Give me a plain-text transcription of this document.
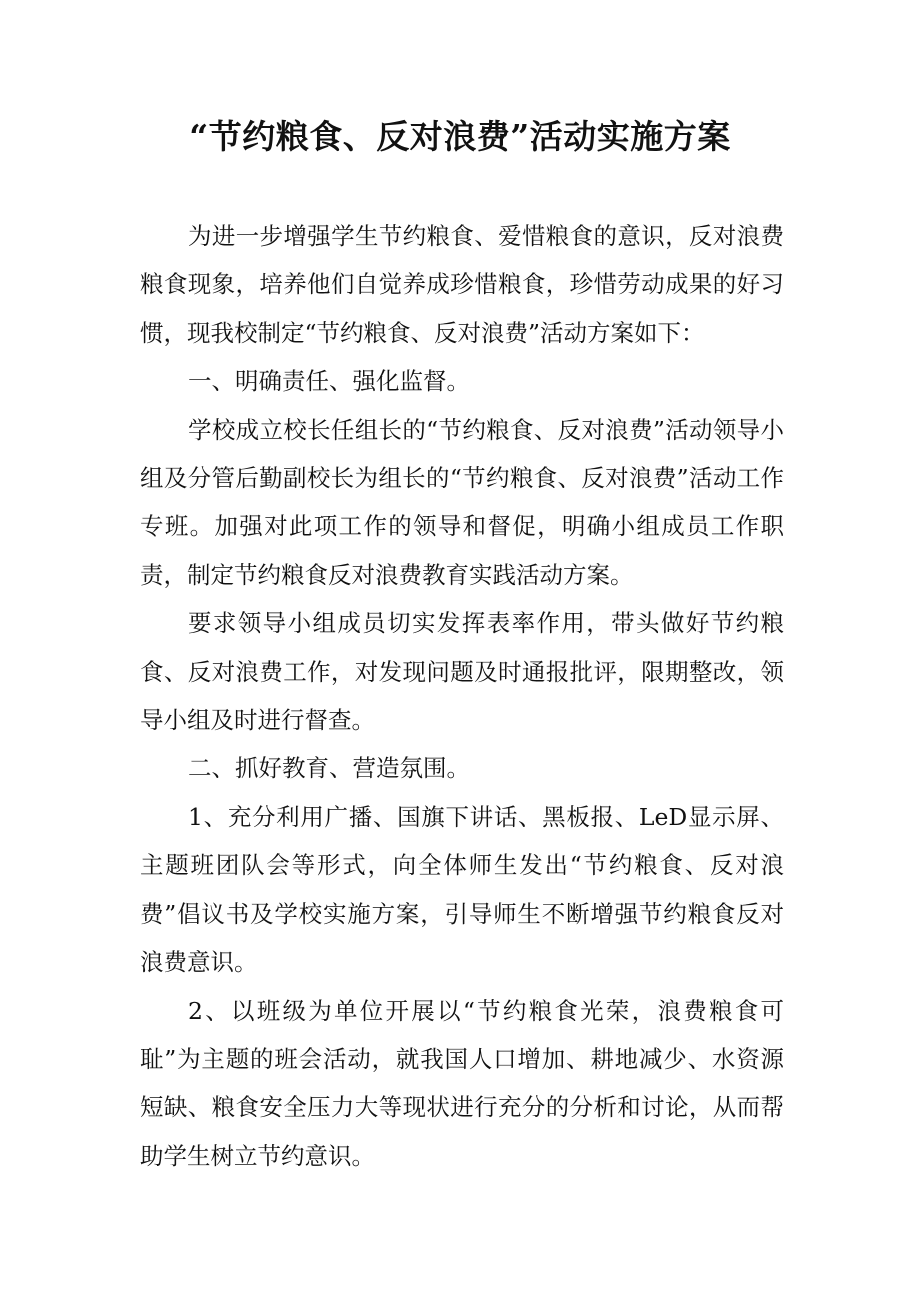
“节约粮食、反对浪费”活动实施方案

为进一步增强学生节约粮食、爱惜粮食的意识，反对浪费粮食现象，培养他们自觉养成珍惜粮食，珍惜劳动成果的好习惯，现我校制定“节约粮食、反对浪费”活动方案如下：

一、明确责任、强化监督。

学校成立校长任组长的“节约粮食、反对浪费”活动领导小组及分管后勤副校长为组长的“节约粮食、反对浪费”活动工作专班。加强对此项工作的领导和督促，明确小组成员工作职责，制定节约粮食反对浪费教育实践活动方案。

要求领导小组成员切实发挥表率作用，带头做好节约粮食、反对浪费工作，对发现问题及时通报批评，限期整改，领导小组及时进行督查。

二、抓好教育、营造氛围。

1、充分利用广播、国旗下讲话、黑板报、LeD显示屏、主题班团队会等形式，向全体师生发出“节约粮食、反对浪费”倡议书及学校实施方案，引导师生不断增强节约粮食反对浪费意识。

2、以班级为单位开展以“节约粮食光荣，浪费粮食可耻”为主题的班会活动，就我国人口增加、耕地减少、水资源短缺、粮食安全压力大等现状进行充分的分析和讨论，从而帮助学生树立节约意识。
